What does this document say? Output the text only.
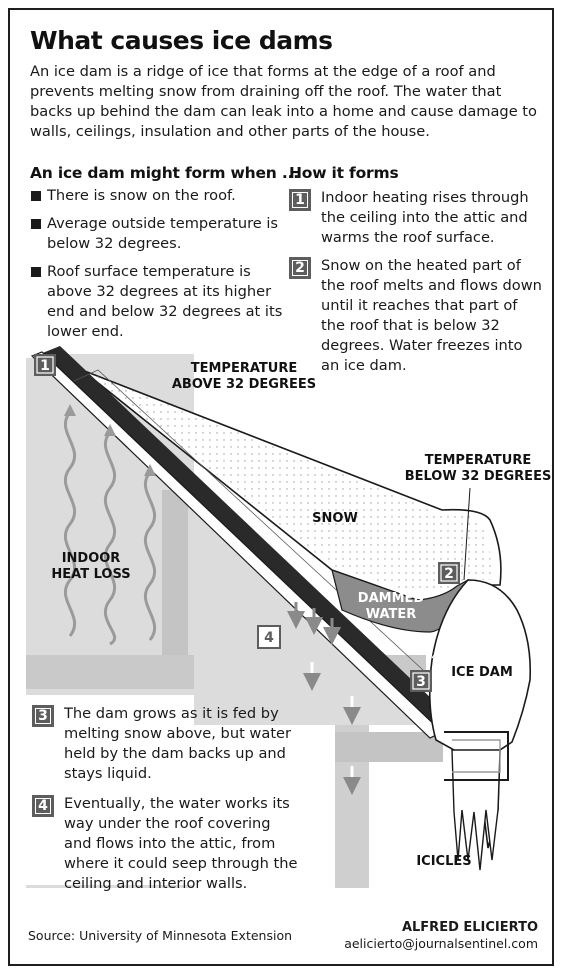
What causes ice dams

An ice dam is a ridge of ice that forms at the edge of a roof and prevents melting snow from draining off the roof. The water that backs up behind the dam can leak into a home and cause damage to walls, ceilings, insulation and other parts of the house.

An ice dam might form when ...
There is snow on the roof.
Average outside temperature is below 32 degrees.
Roof surface temperature is above 32 degrees at its higher end and below 32 degrees at its lower end.
How it forms
1	Indoor heating rises through the ceiling into the attic and warms the roof surface.
2	Snow on the heated part of the roof melts and flows down until it reaches that part of the roof that is below 32 degrees. Water freezes into an ice dam.
1
2
3
4
TEMPERATURE
ABOVE 32 DEGREES
TEMPERATURE
BELOW 32 DEGREES
SNOW
INDOOR
HEAT LOSS
DAMMED
WATER
ICE DAM
ICICLES
3	The dam grows as it is fed by melting snow above, but water held by the dam backs up and stays liquid.
4	Eventually, the water works its way under the roof covering and flows into the attic, from where it could seep through the ceiling and interior walls.
Source: University of Minnesota Extension
ALFRED ELICIERTO
aelicierto@journalsentinel.com
